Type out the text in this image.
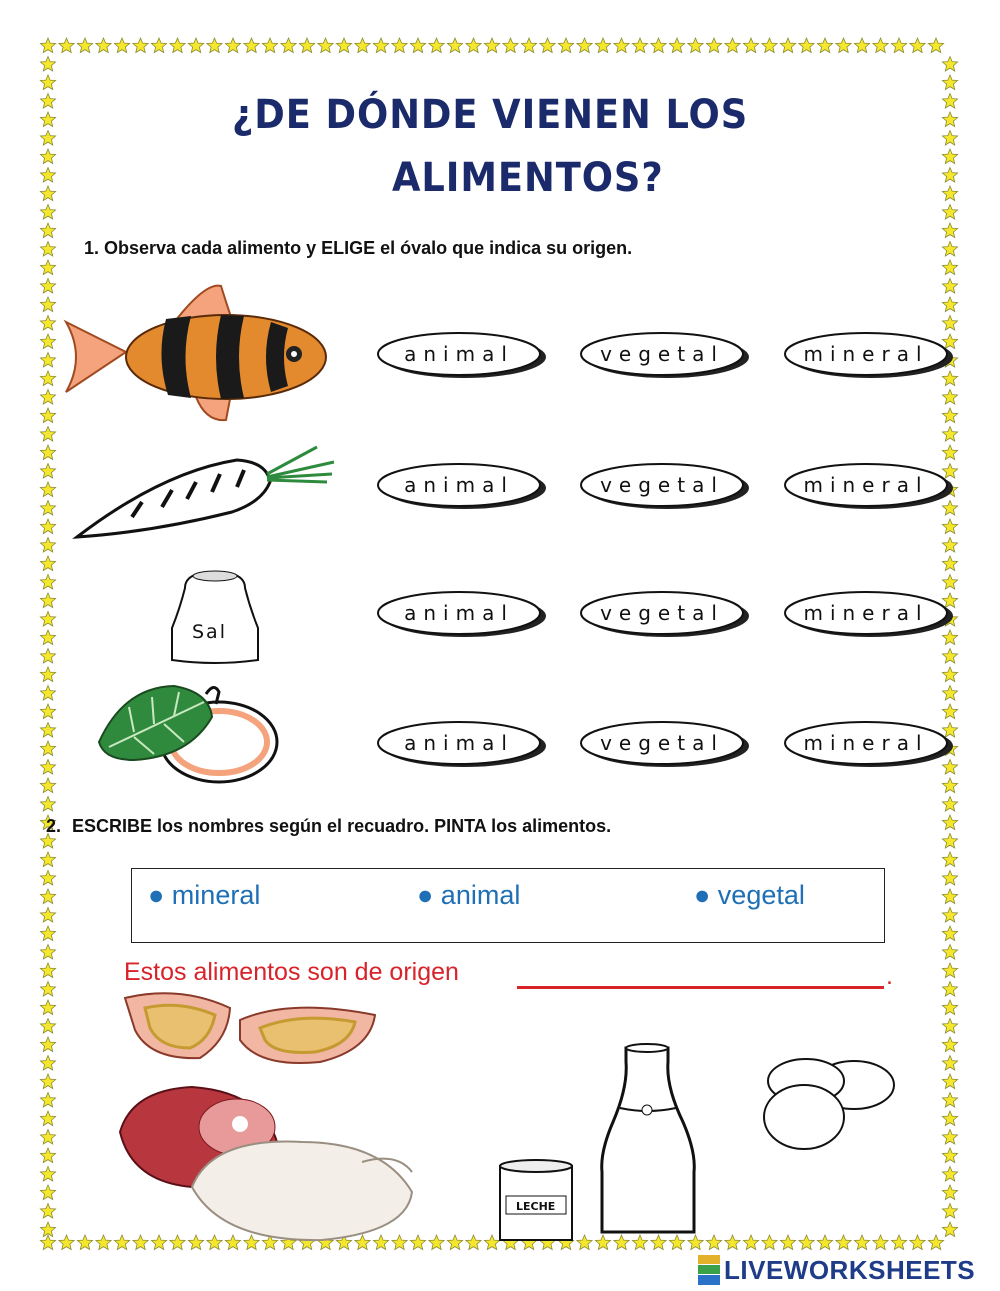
¿DE DÓNDE VIENEN LOS
ALIMENTOS?
1. Observa cada alimento y ELIGE el óvalo que indica su origen.
Sal
animal	vegetal	mineral
animal	vegetal	mineral
animal	vegetal	mineral
animal	vegetal	mineral
2. ESCRIBE los nombres según el recuadro. PINTA los alimentos.
● mineral	● animal	● vegetal
Estos alimentos son de origen	.
LECHE
LIVEWORKSHEETS
